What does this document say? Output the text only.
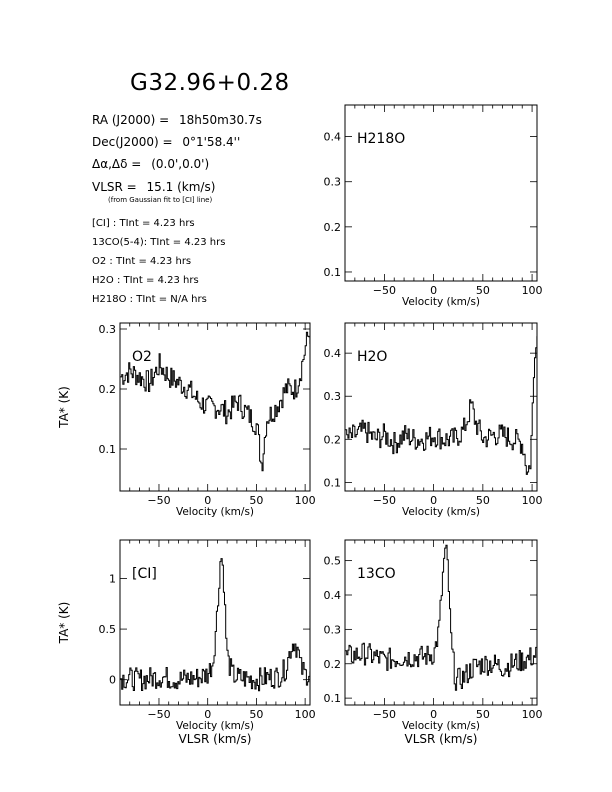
G32.96+0.28
RA (J2000) = 18h50m30.7s
Dec(J2000) = 0°1'58.4''
Δα,Δδ = (0.0',0.0')
VLSR = 15.1 (km/s)
(from Gaussian fit to [CI] line)
[CI] : TInt = 4.23 hrs
13CO(5-4): TInt = 4.23 hrs
O2 : TInt = 4.23 hrs
H2O : TInt = 4.23 hrs
H218O : TInt = N/A hrs
−50	0	50	100
0.1
0.2
0.3
0.4
Velocity (km/s)
H218O
−50	0	50	100
0.1
0.2
0.3
Velocity (km/s)
TA* (K)
O2
−50	0	50	100
0.1
0.2
0.3
0.4
Velocity (km/s)
H2O
−50	0	50	100
0
0.5
1
Velocity (km/s)
VLSR (km/s)
TA* (K)
[CI]
−50	0	50	100
0.1
0.2
0.3
0.4
0.5
Velocity (km/s)
VLSR (km/s)
13CO
